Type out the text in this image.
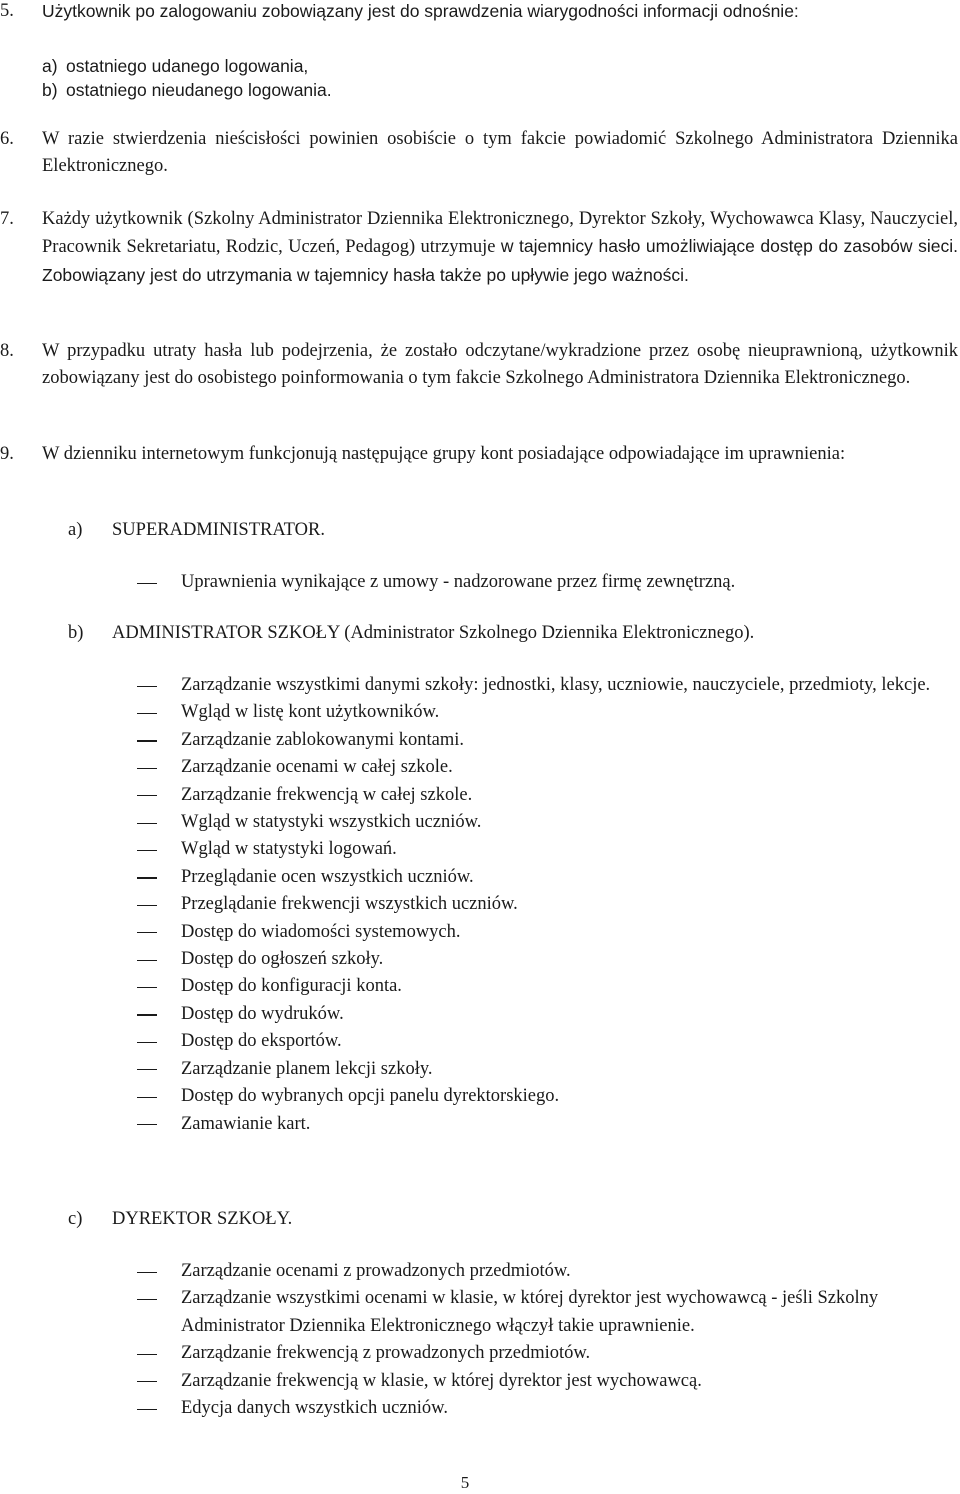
5. Użytkownik po zalogowaniu zobowiązany jest do sprawdzenia wiarygodności informacji odnośnie:
a) ostatniego udanego logowania,
b) ostatniego nieudanego logowania.
6. W razie stwierdzenia nieścisłości powinien osobiście o tym fakcie powiadomić Szkolnego Administratora Dziennika Elektronicznego.
7. Każdy użytkownik (Szkolny Administrator Dziennika Elektronicznego, Dyrektor Szkoły, Wychowawca Klasy, Nauczyciel, Pracownik Sekretariatu, Rodzic, Uczeń, Pedagog) utrzymuje w tajemnicy hasło umożliwiające dostęp do zasobów sieci. Zobowiązany jest do utrzymania w tajemnicy hasła także po upływie jego ważności.
8. W przypadku utraty hasła lub podejrzenia, że zostało odczytane/wykradzione przez osobę nieuprawnioną, użytkownik zobowiązany jest do osobistego poinformowania o tym fakcie Szkolnego Administratora Dziennika Elektronicznego.
9. W dzienniku internetowym funkcjonują następujące grupy kont posiadające odpowiadające im uprawnienia:
a) SUPERADMINISTRATOR.
Uprawnienia wynikające z umowy - nadzorowane przez firmę zewnętrzną.
b) ADMINISTRATOR SZKOŁY (Administrator Szkolnego Dziennika Elektronicznego).
Zarządzanie wszystkimi danymi szkoły: jednostki, klasy, uczniowie, nauczyciele, przedmioty, lekcje.
Wgląd w listę kont użytkowników.
Zarządzanie zablokowanymi kontami.
Zarządzanie ocenami w całej szkole.
Zarządzanie frekwencją w całej szkole.
Wgląd w statystyki wszystkich uczniów.
Wgląd w statystyki logowań.
Przeglądanie ocen wszystkich uczniów.
Przeglądanie frekwencji wszystkich uczniów.
Dostęp do wiadomości systemowych.
Dostęp do ogłoszeń szkoły.
Dostęp do konfiguracji konta.
Dostęp do wydruków.
Dostęp do eksportów.
Zarządzanie planem lekcji szkoły.
Dostęp do wybranych opcji panelu dyrektorskiego.
Zamawianie kart.
c) DYREKTOR SZKOŁY.
Zarządzanie ocenami z prowadzonych przedmiotów.
Zarządzanie wszystkimi ocenami w klasie, w której dyrektor jest wychowawcą - jeśli Szkolny Administrator Dziennika Elektronicznego włączył takie uprawnienie.
Zarządzanie frekwencją z prowadzonych przedmiotów.
Zarządzanie frekwencją w klasie, w której dyrektor jest wychowawcą.
Edycja danych wszystkich uczniów.
5
